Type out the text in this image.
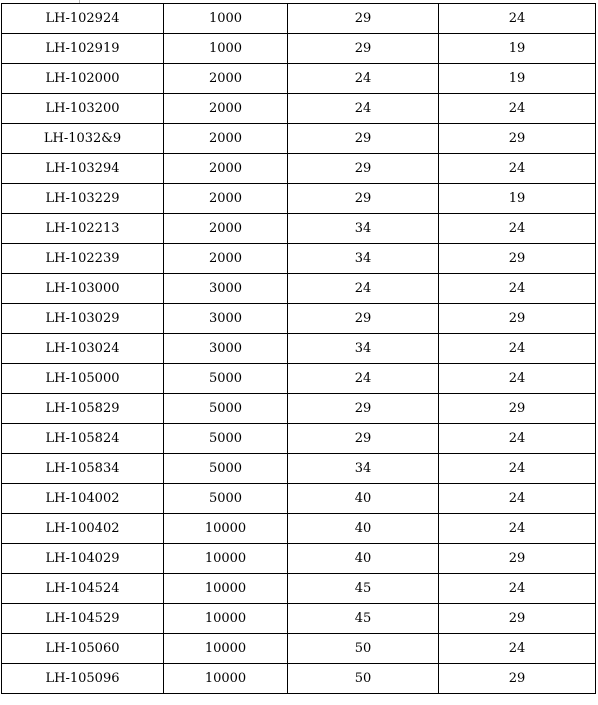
LH-102924	1000	29	24
LH-102919	1000	29	19
LH-102000	2000	24	19
LH-103200	2000	24	24
LH-1032&9	2000	29	29
LH-103294	2000	29	24
LH-103229	2000	29	19
LH-102213	2000	34	24
LH-102239	2000	34	29
LH-103000	3000	24	24
LH-103029	3000	29	29
LH-103024	3000	34	24
LH-105000	5000	24	24
LH-105829	5000	29	29
LH-105824	5000	29	24
LH-105834	5000	34	24
LH-104002	5000	40	24
LH-100402	10000	40	24
LH-104029	10000	40	29
LH-104524	10000	45	24
LH-104529	10000	45	29
LH-105060	10000	50	24
LH-105096	10000	50	29
